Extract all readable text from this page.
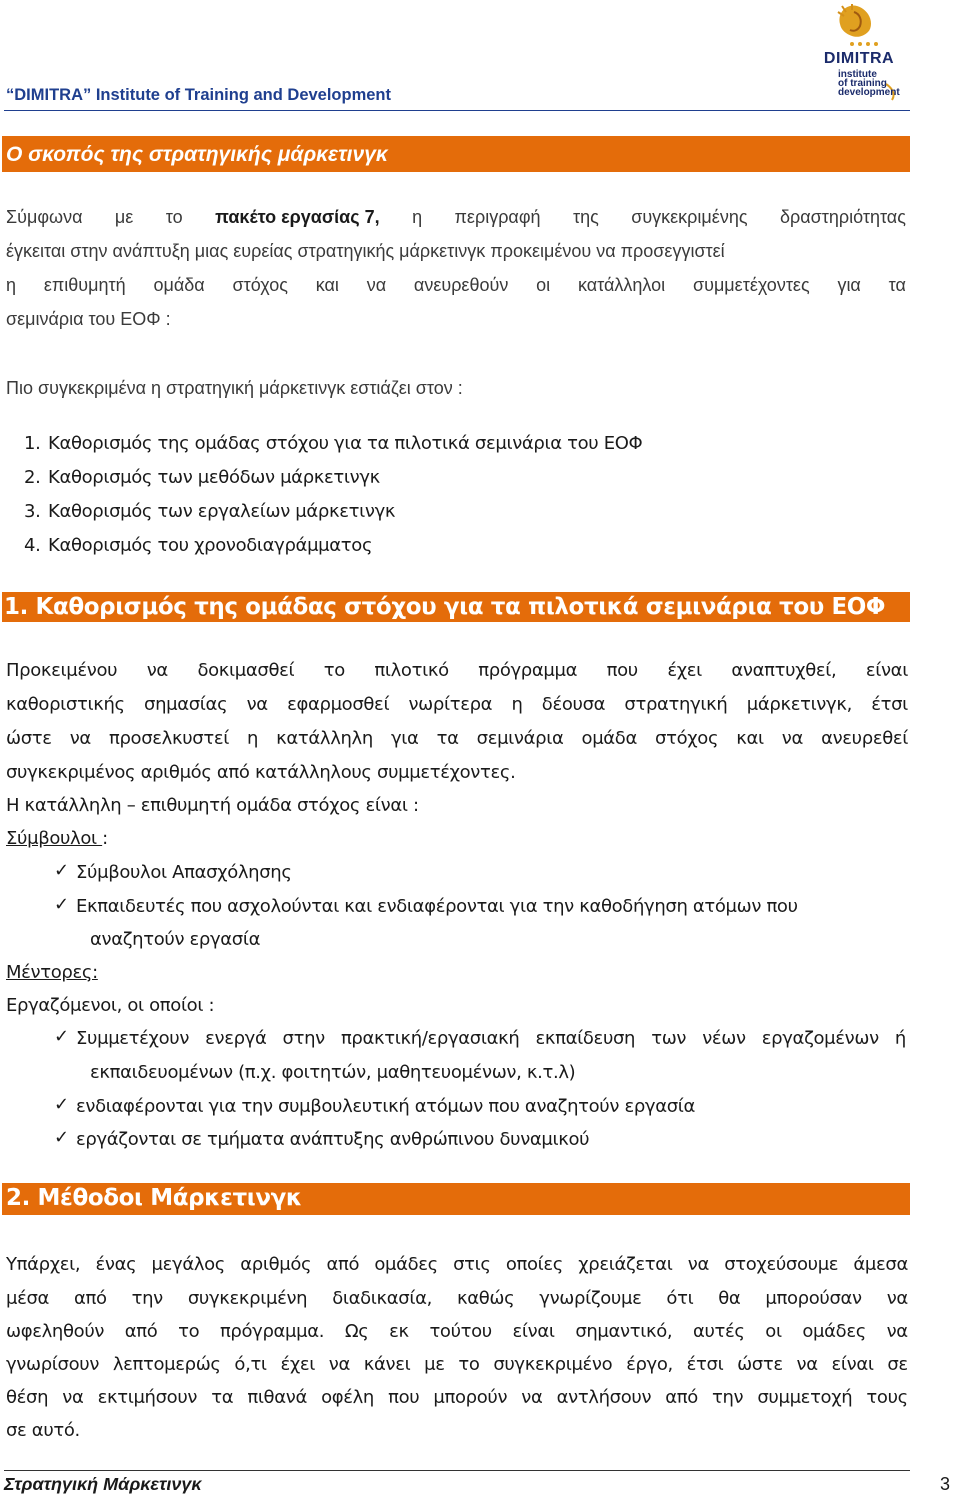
“DIMITRA” Institute of Training and Development
DIMITRA
institute
of training
development
Ο σκοπός της στρατηγικής μάρκετινγκ
Σύμφωνα με το πακέτο εργασίας 7, η περιγραφή της συγκεκριμένης δραστηριότητας
έγκειται στην ανάπτυξη μιας ευρείας στρατηγικής μάρκετινγκ προκειμένου να προσεγγιστεί
η επιθυμητή ομάδα στόχος και να ανευρεθούν οι κατάλληλοι συμμετέχοντες για τα
σεμινάρια του ΕΟΦ :
Πιο συγκεκριμένα η στρατηγική μάρκετινγκ εστιάζει στον :
1. Καθορισμός της ομάδας στόχου για τα πιλοτικά σεμινάρια του ΕΟΦ
2. Καθορισμός των μεθόδων μάρκετινγκ
3. Καθορισμός των εργαλείων μάρκετινγκ
4. Καθορισμός του χρονοδιαγράμματος
1. Καθορισμός της ομάδας στόχου για τα πιλοτικά σεμινάρια του ΕΟΦ
Προκειμένου να δοκιμασθεί το πιλοτικό πρόγραμμα που έχει αναπτυχθεί, είναι
καθοριστικής σημασίας να εφαρμοσθεί νωρίτερα η δέουσα στρατηγική μάρκετινγκ, έτσι
ώστε να προσελκυστεί η κατάλληλη για τα σεμινάρια ομάδα στόχος και να ανευρεθεί
συγκεκριμένος αριθμός από κατάλληλους συμμετέχοντες.
Η κατάλληλη – επιθυμητή ομάδα στόχος είναι :
Σύμβουλοι :
✓ Σύμβουλοι Απασχόλησης
✓ Εκπαιδευτές που ασχολούνται και ενδιαφέρονται για την καθοδήγηση ατόμων που
αναζητούν εργασία
Μέντορες:
Εργαζόμενοι, οι οποίοι :
✓ Συμμετέχουν ενεργά στην πρακτική/εργασιακή εκπαίδευση των νέων εργαζομένων ή
εκπαιδευομένων (π.χ. φοιτητών, μαθητευομένων, κ.τ.λ)
✓ ενδιαφέρονται για την συμβουλευτική ατόμων που αναζητούν εργασία
✓ εργάζονται σε τμήματα ανάπτυξης ανθρώπινου δυναμικού
2. Μέθοδοι Μάρκετινγκ
Υπάρχει, ένας μεγάλος αριθμός από ομάδες στις οποίες χρειάζεται να στοχεύσουμε άμεσα
μέσα από την συγκεκριμένη διαδικασία, καθώς γνωρίζουμε ότι θα μπορούσαν να
ωφεληθούν από το πρόγραμμα. Ως εκ τούτου είναι σημαντικό, αυτές οι ομάδες να
γνωρίσουν λεπτομερώς ό,τι έχει να κάνει με το συγκεκριμένο έργο, έτσι ώστε να είναι σε
θέση να εκτιμήσουν τα πιθανά οφέλη που μπορούν να αντλήσουν από την συμμετοχή τους
σε αυτό.
Στρατηγική Μάρκετινγκ	3
